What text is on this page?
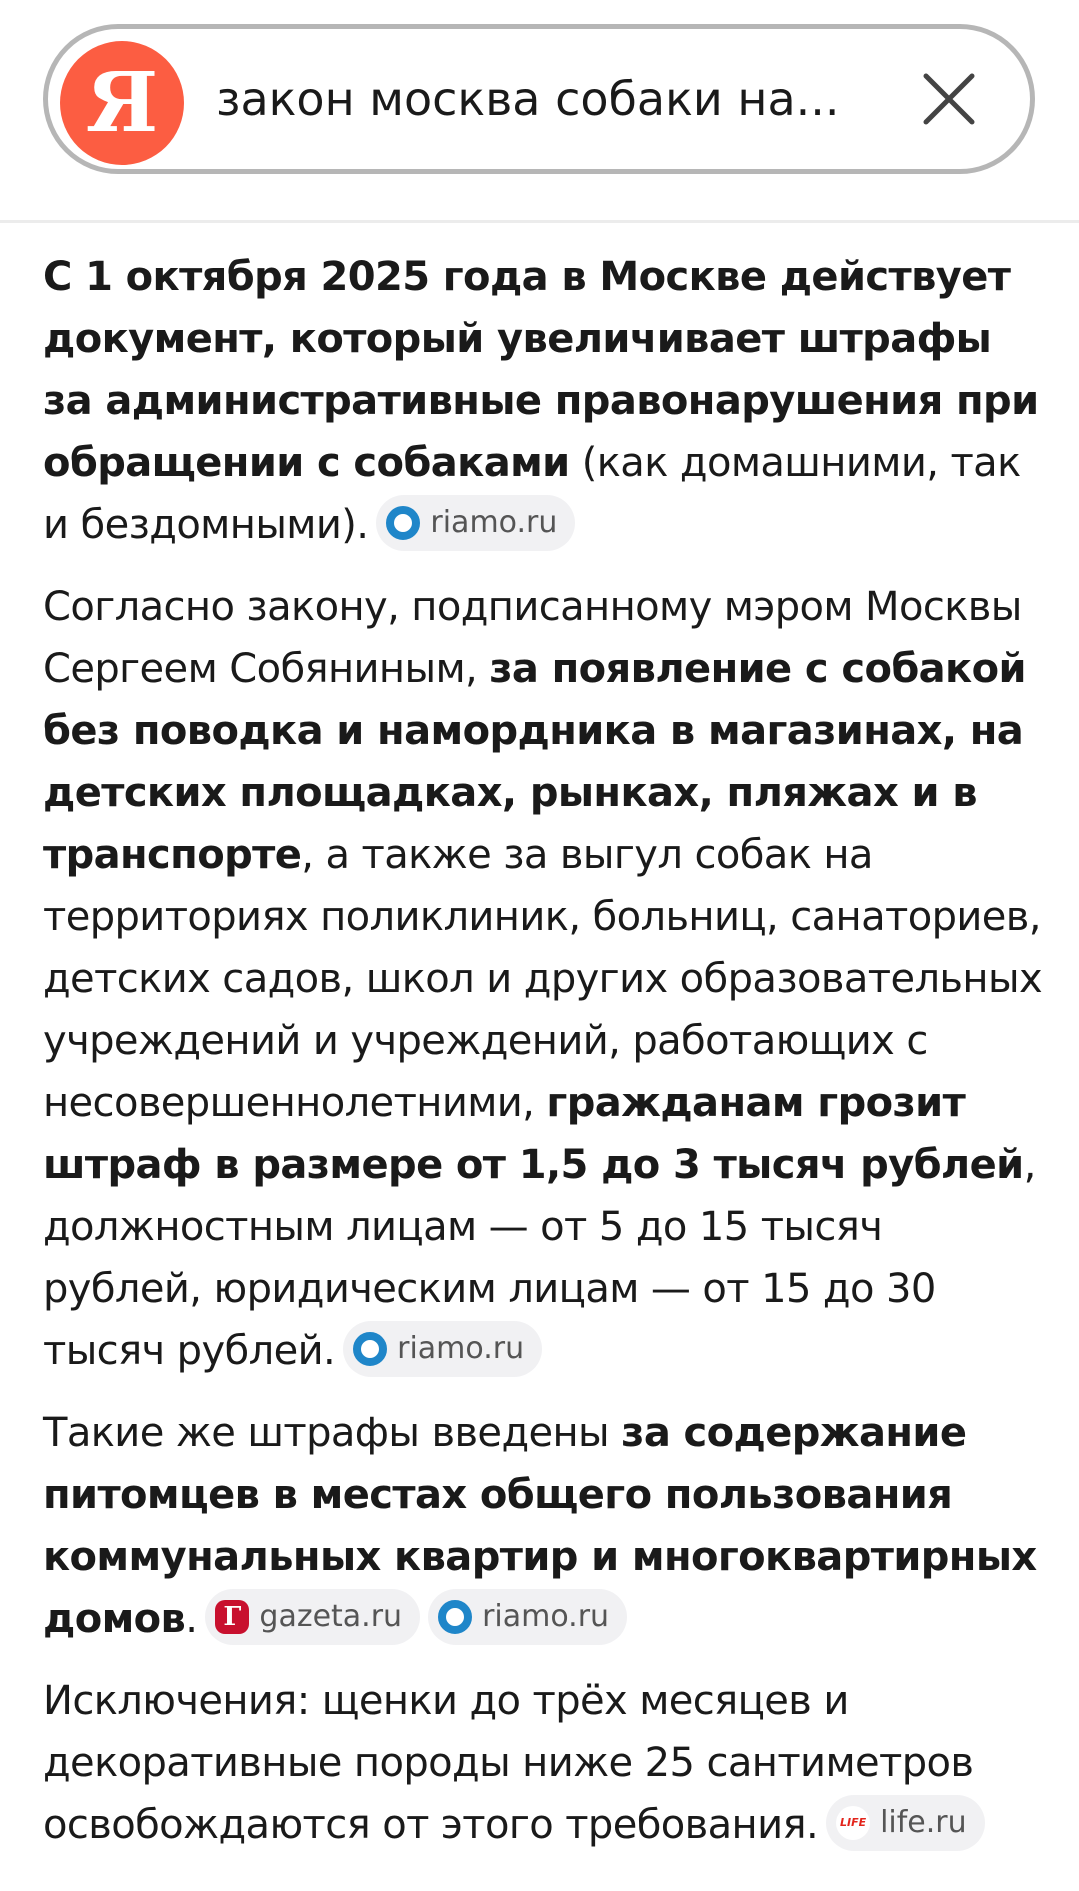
Я	закон москва собаки на...

С 1 октября 2025 года в Москве действует документ, который увеличивает штрафы за административные правонарушения при обращении с собаками (как домашними, так и бездомными). riamo.ru

Согласно закону, подписанному мэром Москвы Сергеем Собяниным, за появление с собакой без поводка и намордника в магазинах, на детских площадках, рынках, пляжах и в транспорте, а также за выгул собак на территориях поликлиник, больниц, санаториев, детских садов, школ и других образовательных учреждений и учреждений, работающих с несовершеннолетними, гражданам грозит штраф в размере от 1,5 до 3 тысяч рублей, должностным лицам — от 5 до 15 тысяч рублей, юридическим лицам — от 15 до 30 тысяч рублей. riamo.ru

Такие же штрафы введены за содержание питомцев в местах общего пользования коммунальных квартир и многоквартирных домов.	Г gazeta.ru	riamo.ru

Исключения: щенки до трёх месяцев и декоративные породы ниже 25 сантиметров освобождаются от этого требования.	LIFE life.ru
